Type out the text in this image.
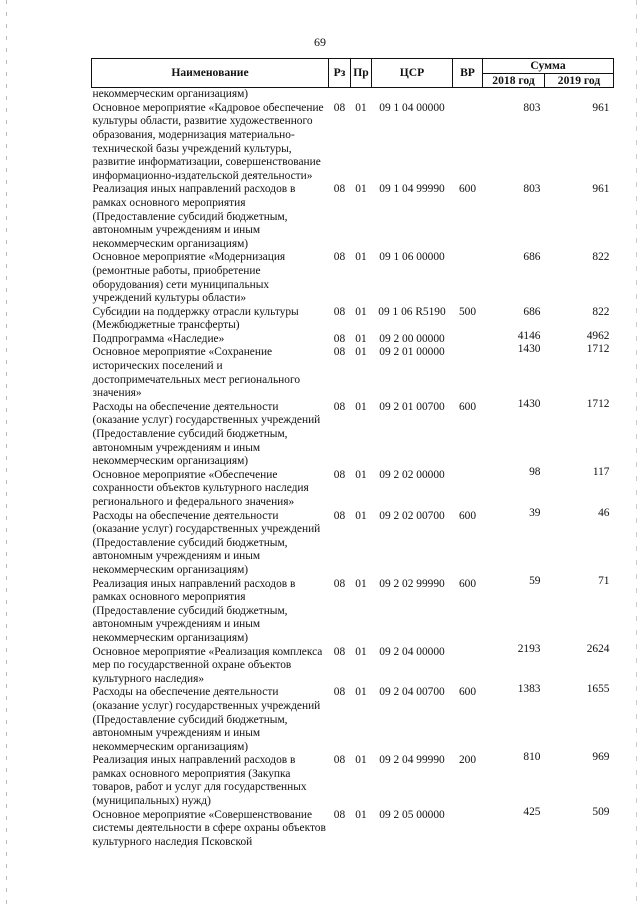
69
Наименование	Рз	Пр	ЦСР	ВР	Сумма	
					2018 год	2019 год
некоммерческим организациям)						
Основное мероприятие «Кадровое обеспечение культуры области, развитие художественного образования, модернизация материально-технической базы учреждений культуры, развитие информатизации, совершенствование информационно-издательской деятельности»	08	01	09 1 04 00000		803	961
Реализация иных направлений расходов в рамках основного мероприятия (Предоставление субсидий бюджетным, автономным учреждениям и иным некоммерческим организациям)	08	01	09 1 04 99990	600	803	961
Основное мероприятие «Модернизация (ремонтные работы, приобретение оборудования) сети муниципальных учреждений культуры области»	08	01	09 1 06 00000		686	822
Субсидии на поддержку отрасли культуры (Межбюджетные трансферты)	08	01	09 1 06 R5190	500	686	822
Подпрограмма «Наследие»	08	01	09 2 00 00000		4146	4962
Основное мероприятие «Сохранение исторических поселений и достопримечательных мест регионального значения»	08	01	09 2 01 00000		1430	1712
Расходы на обеспечение деятельности (оказание услуг) государственных учреждений (Предоставление субсидий бюджетным, автономным учреждениям и иным некоммерческим организациям)	08	01	09 2 01 00700	600	1430	1712
Основное мероприятие «Обеспечение сохранности объектов культурного наследия регионального и федерального значения»	08	01	09 2 02 00000		98	117
Расходы на обеспечение деятельности (оказание услуг) государственных учреждений (Предоставление субсидий бюджетным, автономным учреждениям и иным некоммерческим организациям)	08	01	09 2 02 00700	600	39	46
Реализация иных направлений расходов в рамках основного мероприятия (Предоставление субсидий бюджетным, автономным учреждениям и иным некоммерческим организациям)	08	01	09 2 02 99990	600	59	71
Основное мероприятие «Реализация комплекса мер по государственной охране объектов культурного наследия»	08	01	09 2 04 00000		2193	2624
Расходы на обеспечение деятельности (оказание услуг) государственных учреждений (Предоставление субсидий бюджетным, автономным учреждениям и иным некоммерческим организациям)	08	01	09 2 04 00700	600	1383	1655
Реализация иных направлений расходов в рамках основного мероприятия (Закупка товаров, работ и услуг для государственных (муниципальных) нужд)	08	01	09 2 04 99990	200	810	969
Основное мероприятие «Совершенствование системы деятельности в сфере охраны объектов культурного наследия Псковской	08	01	09 2 05 00000		425	509
